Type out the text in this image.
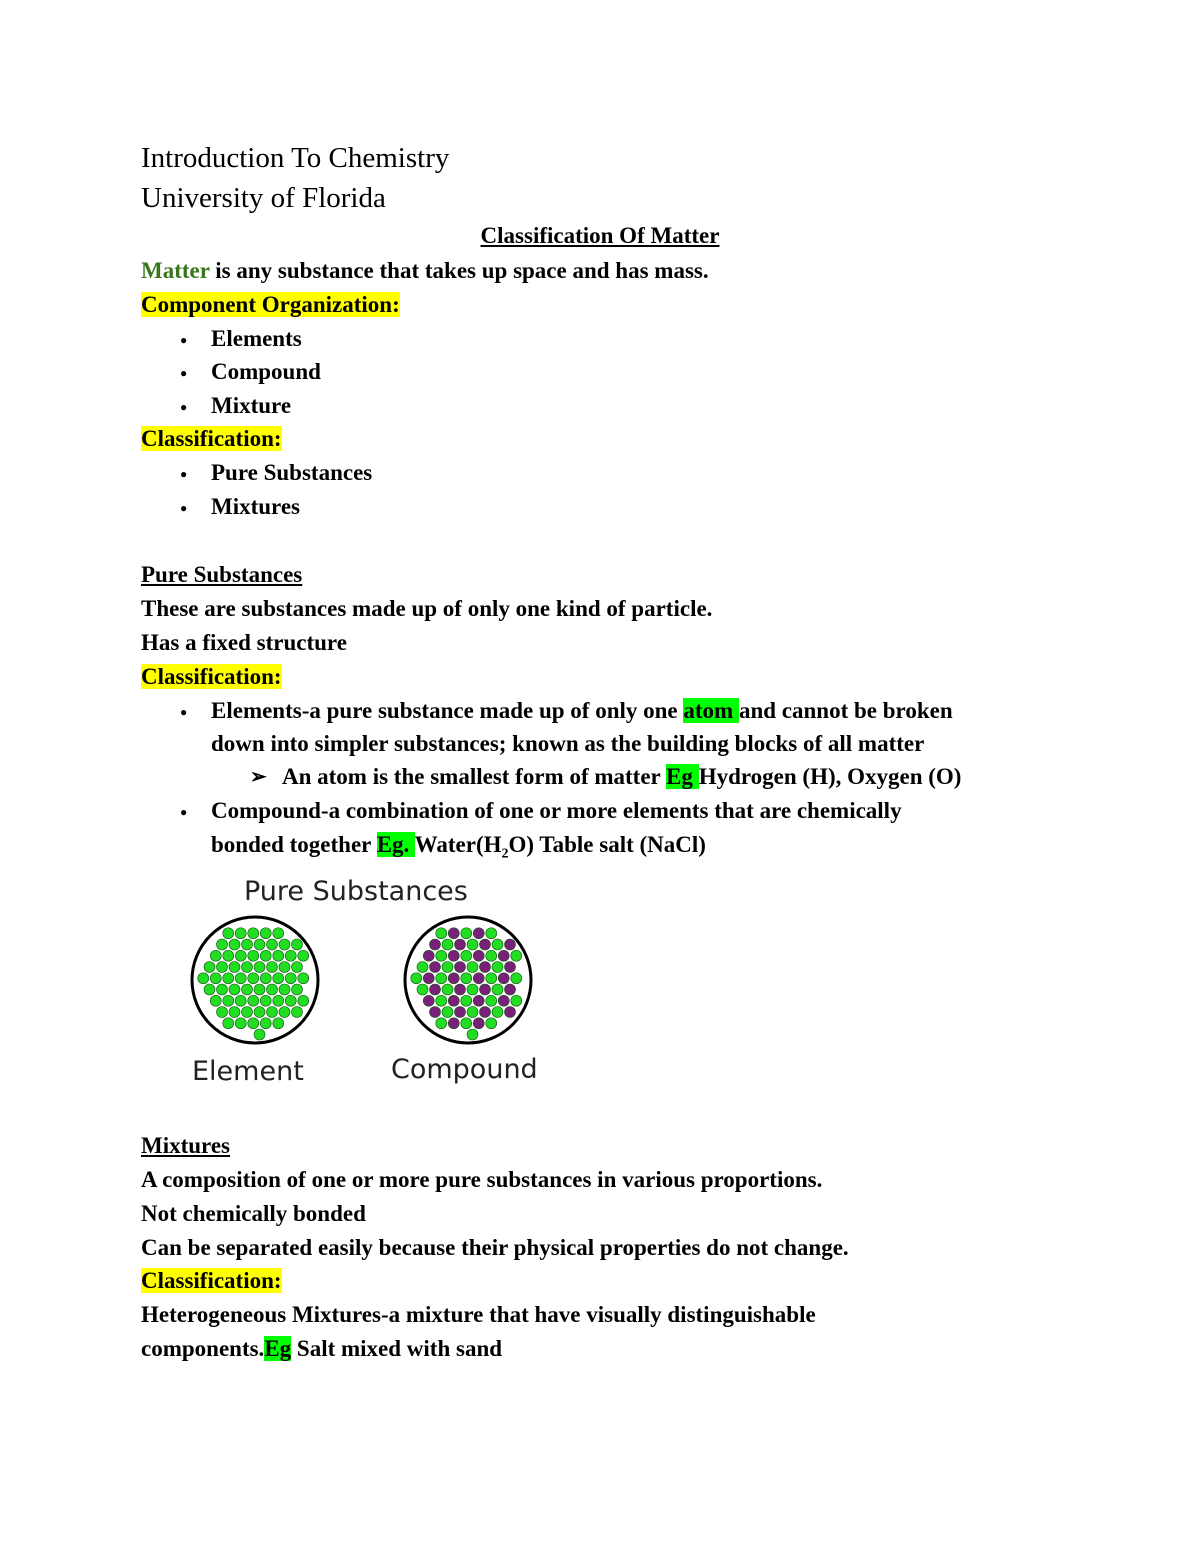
Introduction To Chemistry
University of Florida
Classification Of Matter
Matter is any substance that takes up space and has mass.
Component Organization:
● Elements
● Compound
● Mixture
Classification:
● Pure Substances
● Mixtures
Pure Substances
These are substances made up of only one kind of particle.
Has a fixed structure
Classification:
● Elements-a pure substance made up of only one atom and cannot be broken
down into simpler substances; known as the building blocks of all matter
➢ An atom is the smallest form of matter Eg Hydrogen (H), Oxygen (O)
● Compound-a combination of one or more elements that are chemically
bonded together Eg. $Water(H_2O)$ Table salt (NaCl)
Pure Substances
Element	Compound
Mixtures
A composition of one or more pure substances in various proportions.
Not chemically bonded
Can be separated easily because their physical properties do not change.
Classification:
Heterogeneous Mixtures-a mixture that have visually distinguishable
components.Eg Salt mixed with sand
